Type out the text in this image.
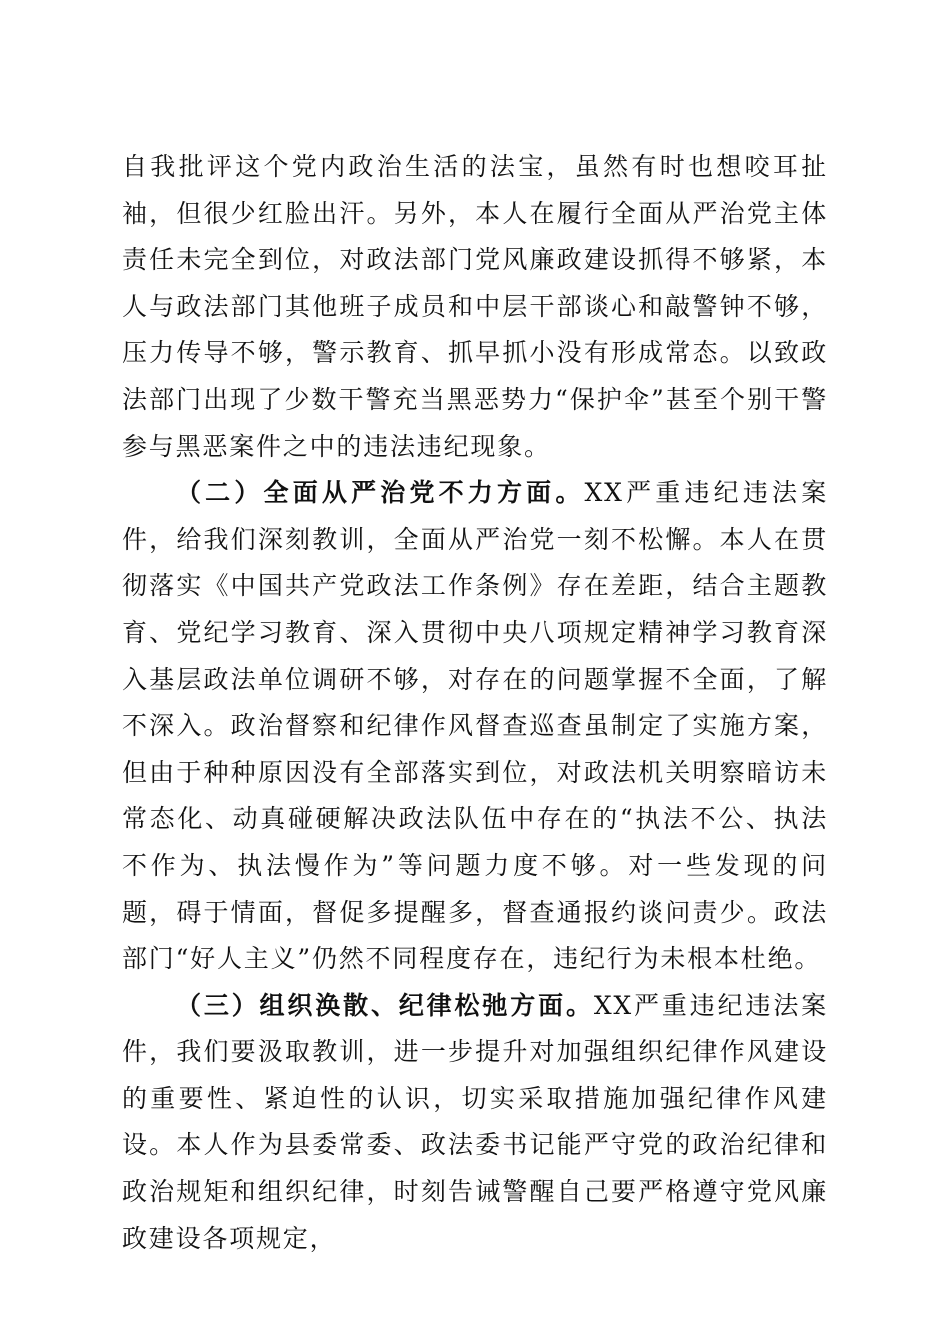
自我批评这个党内政治生活的法宝，虽然有时也想咬耳扯袖，但很少红脸出汗。另外，本人在履行全面从严治党主体责任未完全到位，对政法部门党风廉政建设抓得不够紧，本人与政法部门其他班子成员和中层干部谈心和敲警钟不够，压力传导不够，警示教育、抓早抓小没有形成常态。以致政法部门出现了少数干警充当黑恶势力“保护伞”甚至个别干警参与黑恶案件之中的违法违纪现象。

（二）全面从严治党不力方面。XX严重违纪违法案件，给我们深刻教训，全面从严治党一刻不松懈。本人在贯彻落实《中国共产党政法工作条例》存在差距，结合主题教育、党纪学习教育、深入贯彻中央八项规定精神学习教育深入基层政法单位调研不够，对存在的问题掌握不全面，了解不深入。政治督察和纪律作风督查巡查虽制定了实施方案，但由于种种原因没有全部落实到位，对政法机关明察暗访未常态化、动真碰硬解决政法队伍中存在的“执法不公、执法不作为、执法慢作为”等问题力度不够。对一些发现的问题，碍于情面，督促多提醒多，督查通报约谈问责少。政法部门“好人主义”仍然不同程度存在，违纪行为未根本杜绝。

（三）组织涣散、纪律松弛方面。XX严重违纪违法案件，我们要汲取教训，进一步提升对加强组织纪律作风建设的重要性、紧迫性的认识，切实采取措施加强纪律作风建设。本人作为县委常委、政法委书记能严守党的政治纪律和政治规矩和组织纪律，时刻告诫警醒自己要严格遵守党风廉政建设各项规定，
